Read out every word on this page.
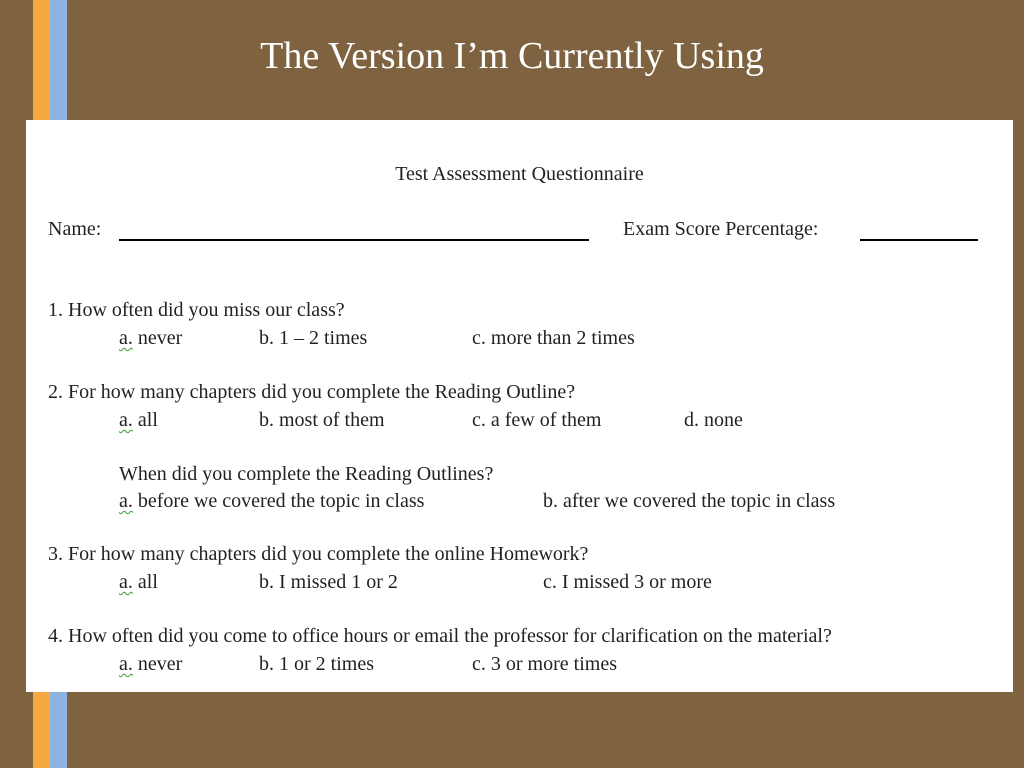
The Version I’m Currently Using
Test Assessment Questionnaire
Name:	Exam Score Percentage:
1. How often did you miss our class?
a. never	b. 1 – 2 times	c. more than 2 times
2. For how many chapters did you complete the Reading Outline?
a. all	b. most of them	c. a few of them	d. none
When did you complete the Reading Outlines?
a. before we covered the topic in class	b. after we covered the topic in class
3. For how many chapters did you complete the online Homework?
a. all	b. I missed 1 or 2	c. I missed 3 or more
4. How often did you come to office hours or email the professor for clarification on the material?
a. never	b. 1 or 2 times	c. 3 or more times
